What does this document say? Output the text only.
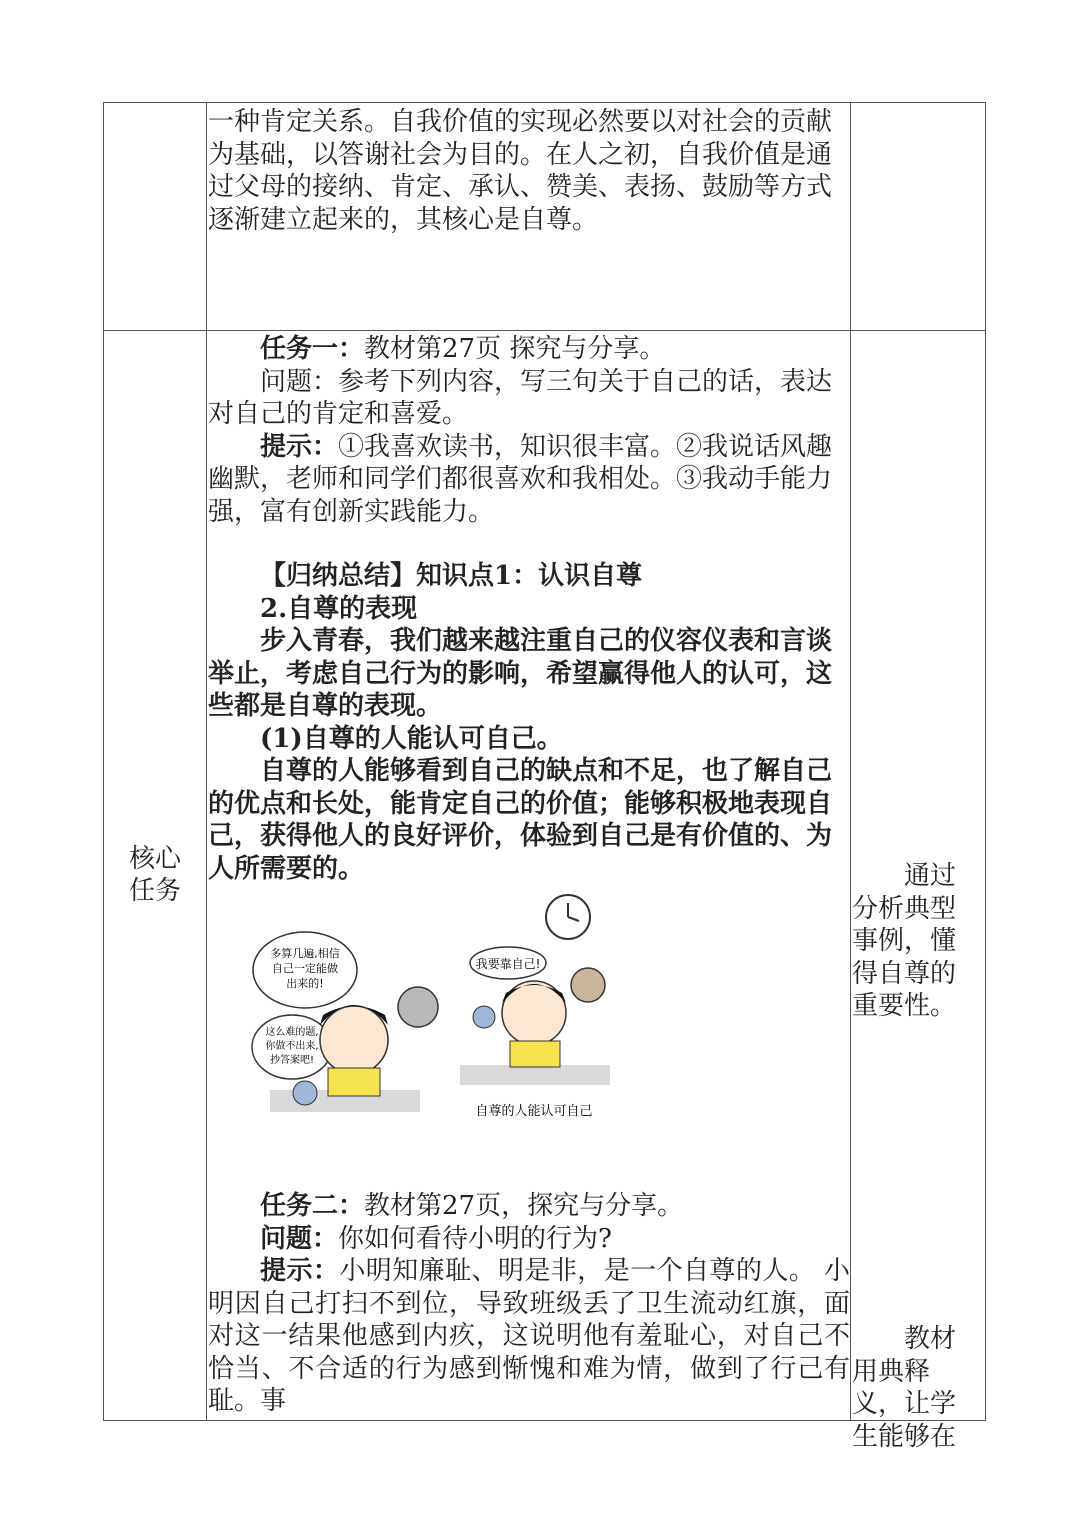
一种肯定关系。自我价值的实现必然要以对社会的贡献为基础，以答谢社会为目的。在人之初，自我价值是通过父母的接纳、肯定、承认、赞美、表扬、鼓励等方式逐渐建立起来的，其核心是自尊。

核心
任务

任务一：教材第27页 探究与分享。

问题：参考下列内容，写三句关于自己的话，表达对自己的肯定和喜爱。

提示：①我喜欢读书，知识很丰富。②我说话风趣幽默，老师和同学们都很喜欢和我相处。③我动手能力强，富有创新实践能力。

【归纳总结】知识点1：认识自尊

2.自尊的表现

步入青春，我们越来越注重自己的仪容仪表和言谈举止，考虑自己行为的影响，希望赢得他人的认可，这些都是自尊的表现。

(1)自尊的人能认可自己。

自尊的人能够看到自己的缺点和不足，也了解自己的优点和长处，能肯定自己的价值；能够积极地表现自己，获得他人的良好评价，体验到自己是有价值的、为人所需要的。

多算几遍,相信
自己一定能做
出来的!
这么难的题,
你做不出来,
抄答案吧!
我要靠自己!
自尊的人能认可自己

任务二：教材第27页，探究与分享。

问题：你如何看待小明的行为?

提示：小明知廉耻、明是非，是一个自尊的人。 小明因自己打扫不到位，导致班级丢了卫生流动红旗，面对这一结果他感到内疚，这说明他有羞耻心，对自己不恰当、不合适的行为感到惭愧和难为情，做到了行己有耻。事

通过分析典型事例，懂得自尊的重要性。
教材用典释义，让学生能够在
